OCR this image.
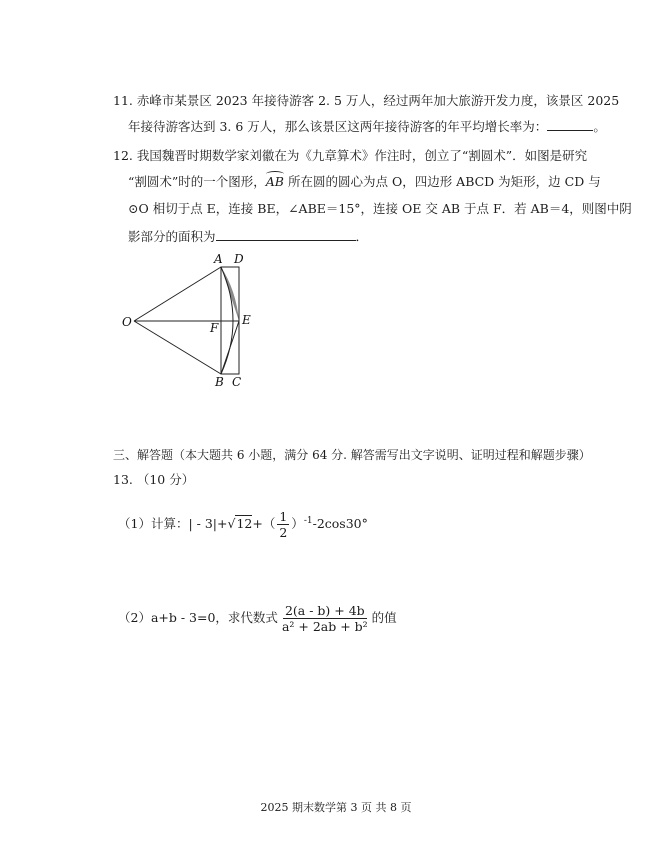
11. 赤峰市某景区 2023 年接待游客 2. 5 万人，经过两年加大旅游开发力度，该景区 2025
年接待游客达到 3. 6 万人，那么该景区这两年接待游客的年平均增长率为：	。
12. 我国魏晋时期数学家刘徽在为《九章算术》作注时，创立了“割圆术”．如图是研究
“割圆术”时的一个图形，AB 所在圆的圆心为点 O，四边形 ABCD 为矩形，边 CD 与
⊙O 相切于点 E，连接 BE，∠ABE＝15°，连接 OE 交 AB 于点 F．若 AB＝4，则图中阴
影部分的面积为	．
A D
O	F
E
B C
三、解答题（本大题共 6 小题，满分 64 分. 解答需写出文字说明、证明过程和解题步骤）
13. （10 分）
（1）计算：| - $3|+√12+( \frac{1}{2} )^{-1}-2\cos 30^\circ$
（2）a+b - 3=0，求代数式 $\frac{2(a - b) + 4b}{\text{a² + 2ab + b²}}$ 的值
2025 期末数学第 3 页 共 8 页
